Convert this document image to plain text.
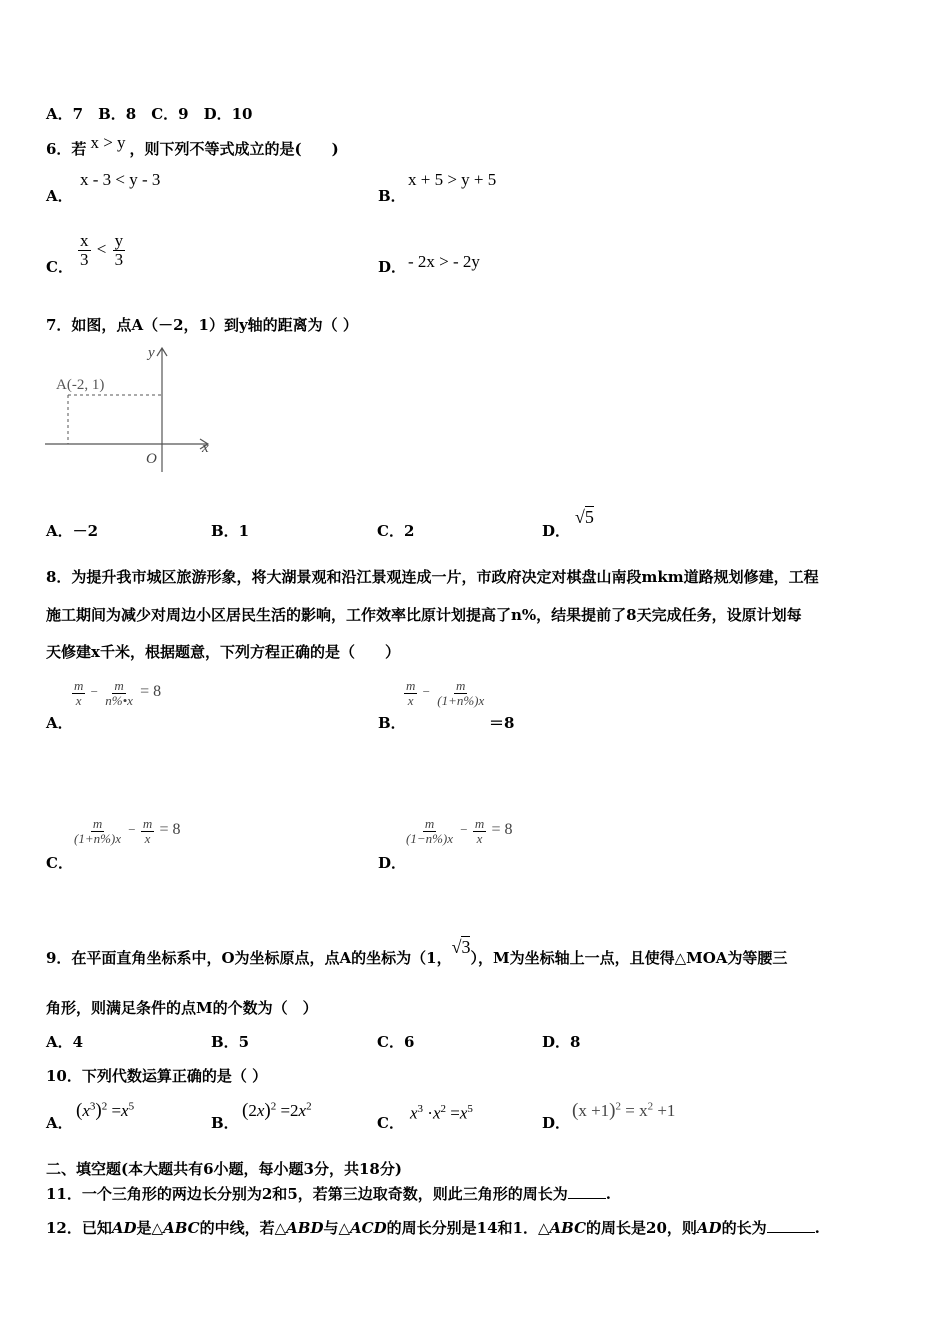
A．7　B．8　C．9　D．10
6．若 x > y ，则下列不等式成立的是(　　)
A．
x - 3 < y - 3
B．
x + 5 > y + 5
C． $\frac{x}{3} < \frac{y}{3}$	D． - 2x > - 2y
7．如图，点A（－2，1）到y轴的距离为（ ）
y
x
O
A(-2, 1)
A．－2	B．1	C．2	D．
√5
8．为提升我市城区旅游形象，将大湖景观和沿江景观连成一片，市政府决定对棋盘山南段mkm道路规划修建，工程
施工期间为减少对周边小区居民生活的影响，工作效率比原计划提高了n%，结果提前了8天完成任务，设原计划每
天修建x千米，根据题意，下列方程正确的是（　　）
A．
$\frac{m}{x} - \frac{m}{n\%•x} = 8$
B．
$\frac{m}{x} - \frac{m}{(1+n\%)x}$
＝8
C．
$\frac{m}{(1+n\%)x} - \frac{m}{x} = 8$
D．
$\frac{m}{(1-n\%)x} - \frac{m}{x} = 8$
9．在平面直角坐标系中，O为坐标原点，点A的坐标为（1，√3），M为坐标轴上一点，且使得△MOA为等腰三
角形，则满足条件的点M的个数为（　）
A．4	B．5	C．6	D．8
10．下列代数运算正确的是（ ）
A．
$(x^3)^2 =x^5$
B．
$(2x)^2 =2x^2$
C．
$x^3 \cdot x^2 =x^5$
D．
$(x +1)^2 = x^2 +1$
二、填空题(本大题共有6小题，每小题3分，共18分)
11．一个三角形的两边长分别为2和5，若第三边取奇数，则此三角形的周长为	.
12．已知AD是△ABC的中线，若△ABD与△ACD的周长分别是14和1．△ABC的周长是20，则AD的长为	.
